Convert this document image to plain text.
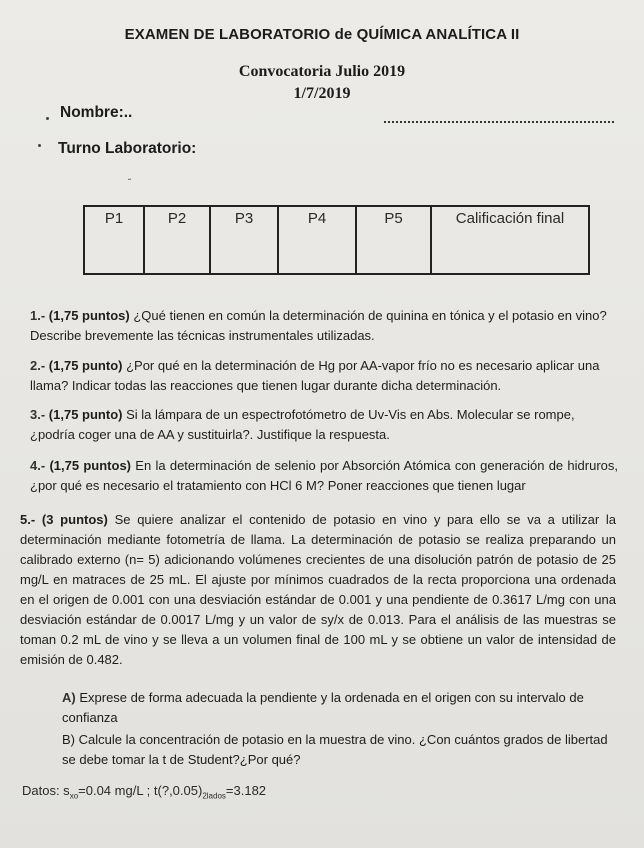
EXAMEN DE LABORATORIO de QUÍMICA ANALÍTICA II
Convocatoria Julio 2019
1/7/2019
Nombre:..
Turno Laboratorio:
˘
P1	P2	P3	P4	P5	Calificación final
1.- (1,75 puntos) ¿Qué tienen en común la determinación de quinina en tónica y el potasio en vino? Describe brevemente las técnicas instrumentales utilizadas.
2.- (1,75 punto) ¿Por qué en la determinación de Hg por AA-vapor frío no es necesario aplicar una llama? Indicar todas las reacciones que tienen lugar durante dicha determinación.
3.- (1,75 punto) Si la lámpara de un espectrofotómetro de Uv-Vis en Abs. Molecular se rompe, ¿podría coger una de AA y sustituirla?. Justifique la respuesta.
4.- (1,75 puntos) En la determinación de selenio por Absorción Atómica con generación de hidruros, ¿por qué es necesario el tratamiento con HCl 6 M? Poner reacciones que tienen lugar
5.- (3 puntos) Se quiere analizar el contenido de potasio en vino y para ello se va a utilizar la determinación mediante fotometría de llama. La determinación de potasio se realiza preparando un calibrado externo (n= 5) adicionando volúmenes crecientes de una disolución patrón de potasio de 25 mg/L en matraces de 25 mL. El ajuste por mínimos cuadrados de la recta proporciona una ordenada en el origen de 0.001 con una desviación estándar de 0.001 y una pendiente de 0.3617 L/mg con una desviación estándar de 0.0017 L/mg y un valor de sy/x de 0.013. Para el análisis de las muestras se toman 0.2 mL de vino y se lleva a un volumen final de 100 mL y se obtiene un valor de intensidad de emisión de 0.482.
A) Exprese de forma adecuada la pendiente y la ordenada en el origen con su intervalo de confianza
B) Calcule la concentración de potasio en la muestra de vino. ¿Con cuántos grados de libertad se debe tomar la t de Student?¿Por qué?
Datos: $s_{xo}=0.04$ mg/L ; $t(?,0.05)_{2lados}=3.182$
